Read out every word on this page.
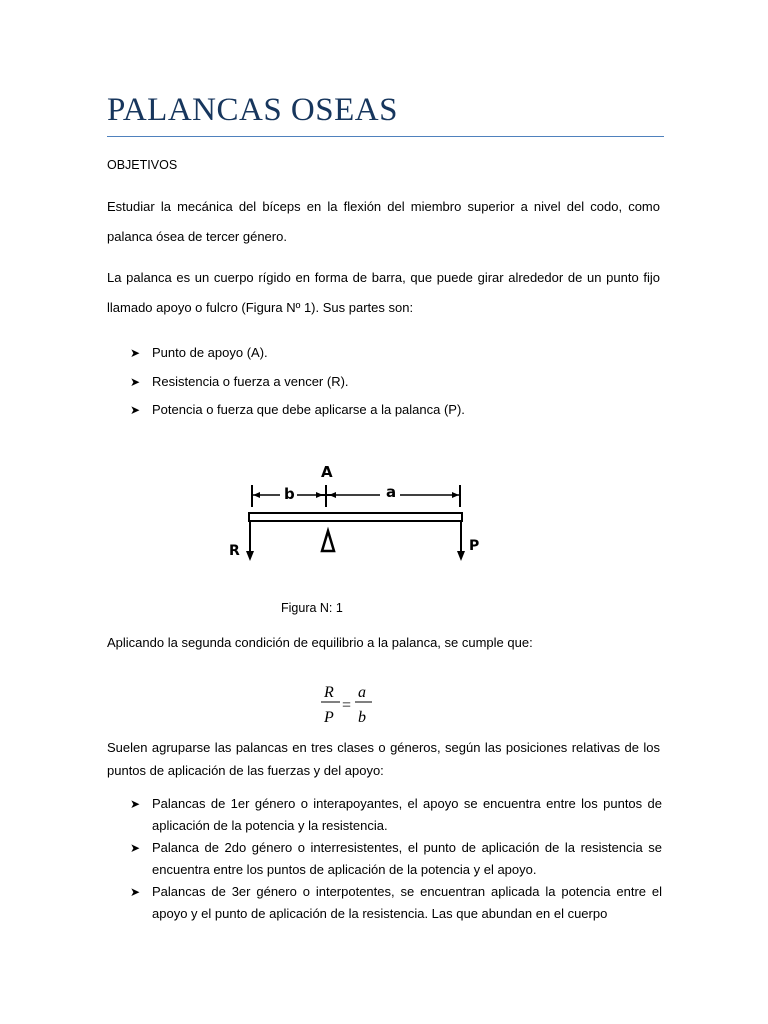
PALANCAS OSEAS

OBJETIVOS

Estudiar la mecánica del bíceps en la flexión del miembro superior a nivel del codo, como palanca ósea de tercer género.

La palanca es un cuerpo rígido en forma de barra, que puede girar alrededor de un punto fijo llamado apoyo o fulcro (Figura Nº 1). Sus partes son:

➤ Punto de apoyo (A).
➤ Resistencia o fuerza a vencer (R).
➤ Potencia o fuerza que debe aplicarse a la palanca (P).
b
A
a
R	P

Figura N: 1

Aplicando la segunda condición de equilibrio a la palanca, se cumple que:

R
P
=
a
b

Suelen agruparse las palancas en tres clases o géneros, según las posiciones relativas de los puntos de aplicación de las fuerzas y del apoyo:

➤ Palancas de 1er género o interapoyantes, el apoyo se encuentra entre los puntos de aplicación de la potencia y la resistencia.
➤ Palanca de 2do género o interresistentes, el punto de aplicación de la resistencia se encuentra entre los puntos de aplicación de la potencia y el apoyo.
➤ Palancas de 3er género o interpotentes, se encuentran aplicada la potencia entre el apoyo y el punto de aplicación de la resistencia. Las que abundan en el cuerpo
